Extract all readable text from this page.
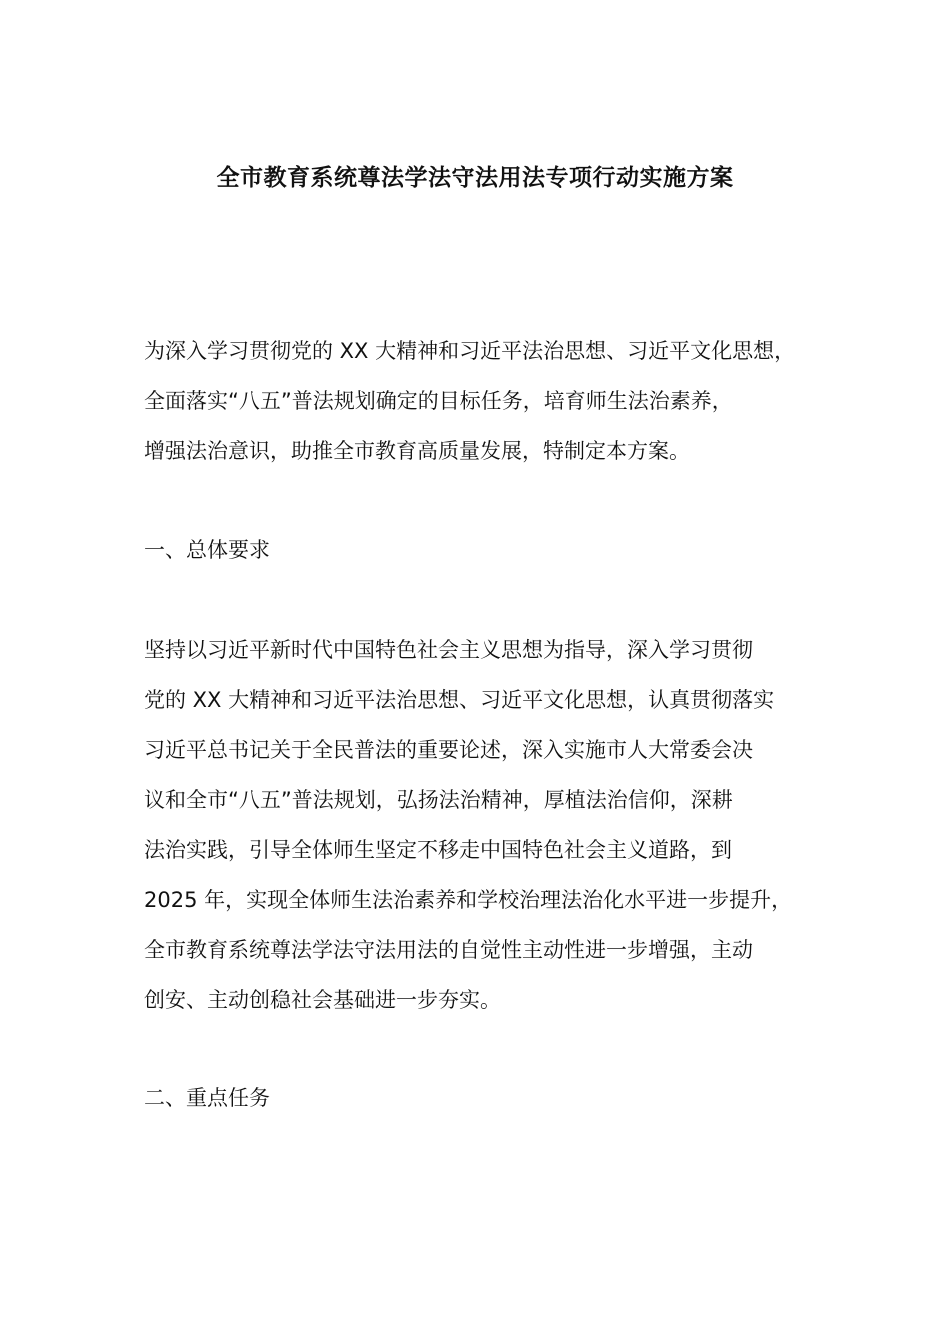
全市教育系统尊法学法守法用法专项行动实施方案
为深入学习贯彻党的 XX 大精神和习近平法治思想、习近平文化思想，
全面落实“八五”普法规划确定的目标任务，培育师生法治素养，
增强法治意识，助推全市教育高质量发展，特制定本方案。
一、总体要求
坚持以习近平新时代中国特色社会主义思想为指导，深入学习贯彻
党的 XX 大精神和习近平法治思想、习近平文化思想，认真贯彻落实
习近平总书记关于全民普法的重要论述，深入实施市人大常委会决
议和全市“八五”普法规划，弘扬法治精神，厚植法治信仰，深耕
法治实践，引导全体师生坚定不移走中国特色社会主义道路，到
2025 年，实现全体师生法治素养和学校治理法治化水平进一步提升，
全市教育系统尊法学法守法用法的自觉性主动性进一步增强，主动
创安、主动创稳社会基础进一步夯实。
二、重点任务
